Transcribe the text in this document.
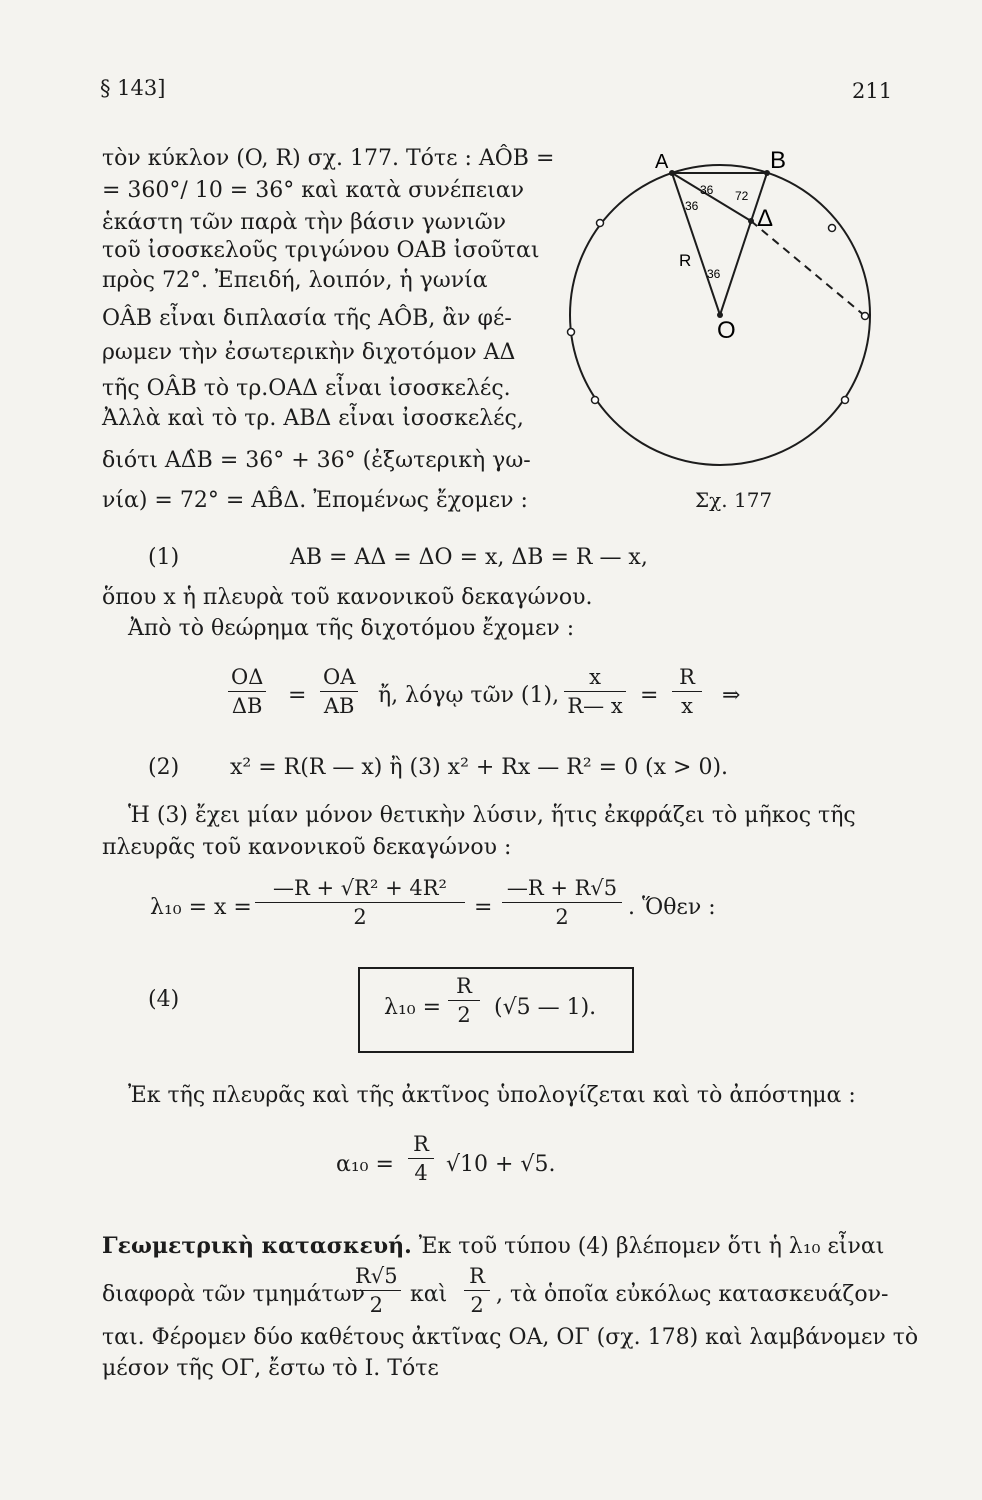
§ 143]	211
A	B
Δ
O
R
36 72
36
36
Σχ. 177
τὸν κύκλον (O, R) σχ. 177. Τότε : AÔB =
= 360°/ 10 = 36° καὶ κατὰ συνέπειαν
ἑκάστη τῶν παρὰ τὴν βάσιν γωνιῶν
τοῦ ἰσοσκελοῦς τριγώνου OAB ἰσοῦται
πρὸς 72°. Ἐπειδή, λοιπόν, ἡ γωνία
OÂB εἶναι διπλασία τῆς AÔB, ἂν φέ-
ρωμεν τὴν ἐσωτερικὴν διχοτόμον AΔ
τῆς OÂB τὸ τρ.OAΔ εἶναι ἰσοσκελές.
Ἀλλὰ καὶ τὸ τρ. ABΔ εἶναι ἰσοσκελές,
διότι AΔ̂B = 36° + 36° (ἐξωτερικὴ γω-
νία) = 72° = AB̂Δ. Ἐπομένως ἔχομεν :
(1)	AB = AΔ = ΔO = x, ΔB = R — x,
ὅπου x ἡ πλευρὰ τοῦ κανονικοῦ δεκαγώνου.
Ἀπὸ τὸ θεώρημα τῆς διχοτόμου ἔχομεν :
$\frac{O\Delta}{\Delta B} = \frac{OA}{AB}$ ἤ, λόγῳ τῶν (1), $\frac{x}{R— x} = \frac{R}{x}$ ⇒
(2) x² = R(R — x) ἢ (3) x² + Rx — R² = 0 (x > 0).
Ἡ (3) ἔχει μίαν μόνον θετικὴν λύσιν, ἥτις ἐκφράζει τὸ μῆκος τῆς
πλευρᾶς τοῦ κανονικοῦ δεκαγώνου :
$\lambda_{10} = x = \frac{\text{—R + √R² + 4R²}}{2} = \frac{—R + R√5}{2}$ . Ὅθεν :
(4)	$\lambda_{10} = \frac{R}{2} (√5$ — 1).
Ἐκ τῆς πλευρᾶς καὶ τῆς ἀκτῖνος ὑπολογίζεται καὶ τὸ ἀπόστημα :
$\alpha_{10} = \frac{R}{4} √10 + √5$.
Γεωμετρικὴ κατασκευή. Ἐκ τοῦ τύπου (4) βλέπομεν ὅτι ἡ λ₁₀ εἶναι
διαφορὰ τῶν τμημάτων
$\frac{R√5}{2}$ καὶ $\frac{R}{2}$ , τὰ ὁποῖα εὐκόλως κατασκευάζον-
ται. Φέρομεν δύο καθέτους ἀκτῖνας OA, OΓ (σχ. 178) καὶ λαμβάνομεν τὸ
μέσον τῆς OΓ, ἔστω τὸ I. Τότε
